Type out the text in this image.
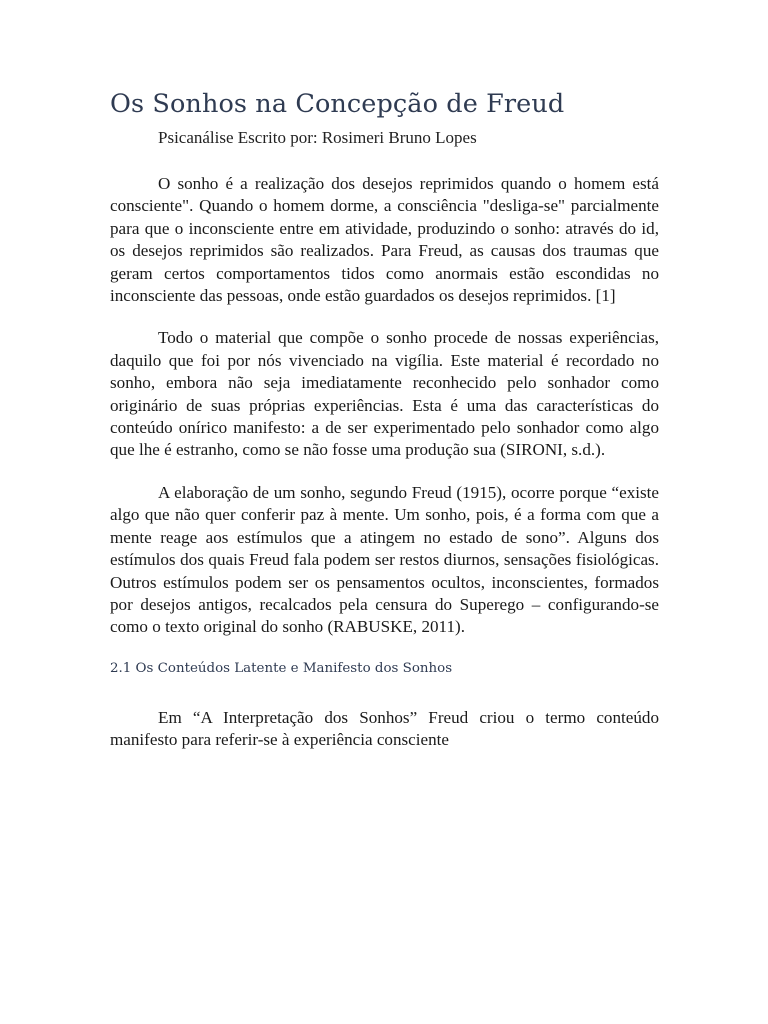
Os Sonhos na Concepção de Freud
Psicanálise Escrito por: Rosimeri Bruno Lopes

O sonho é a realização dos desejos reprimidos quando o homem está consciente". Quando o homem dorme, a consciência "desliga-se" parcialmente para que o inconsciente entre em atividade, produzindo o sonho: através do id, os desejos reprimidos são realizados. Para Freud, as causas dos traumas que geram certos comportamentos tidos como anormais estão escondidas no inconsciente das pessoas, onde estão guardados os desejos reprimidos. [1]

Todo o material que compõe o sonho procede de nossas experiências, daquilo que foi por nós vivenciado na vigília. Este material é recordado no sonho, embora não seja imediatamente reconhecido pelo sonhador como originário de suas próprias experiências. Esta é uma das características do conteúdo onírico manifesto: a de ser experimentado pelo sonhador como algo que lhe é estranho, como se não fosse uma produção sua (SIRONI, s.d.).

A elaboração de um sonho, segundo Freud (1915), ocorre porque “existe algo que não quer conferir paz à mente. Um sonho, pois, é a forma com que a mente reage aos estímulos que a atingem no estado de sono”. Alguns dos estímulos dos quais Freud fala podem ser restos diurnos, sensações fisiológicas. Outros estímulos podem ser os pensamentos ocultos, inconscientes, formados por desejos antigos, recalcados pela censura do Superego – configurando-se como o texto original do sonho (RABUSKE, 2011).

2.1 Os Conteúdos Latente e Manifesto dos Sonhos

Em “A Interpretação dos Sonhos” Freud criou o termo conteúdo manifesto para referir-se à experiência consciente
